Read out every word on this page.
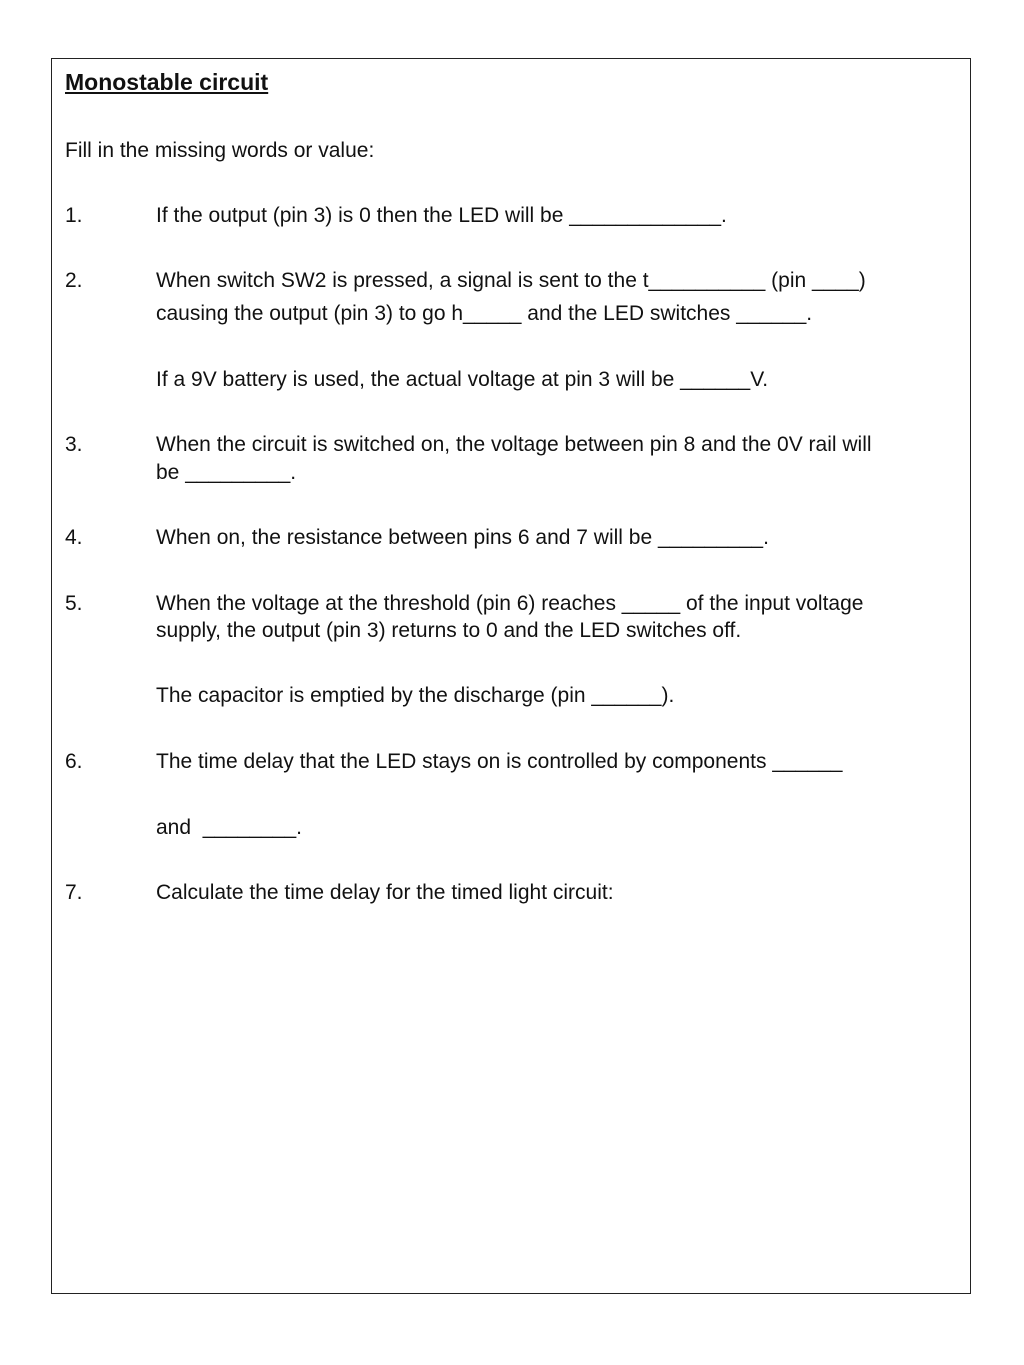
Monostable circuit
Fill in the missing words or value:
1.	If the output (pin 3) is 0 then the LED will be _____________.
2.	When switch SW2 is pressed, a signal is sent to the t__________ (pin ____)
causing the output (pin 3) to go h_____ and the LED switches ______.
If a 9V battery is used, the actual voltage at pin 3 will be ______V.
3.	When the circuit is switched on, the voltage between pin 8 and the 0V rail will
be _________.
4.	When on, the resistance between pins 6 and 7 will be _________.
5.	When the voltage at the threshold (pin 6) reaches _____ of the input voltage
supply, the output (pin 3) returns to 0 and the LED switches off.
The capacitor is emptied by the discharge (pin ______).
6.	The time delay that the LED stays on is controlled by components ______
and  ________.
7.	Calculate the time delay for the timed light circuit:
